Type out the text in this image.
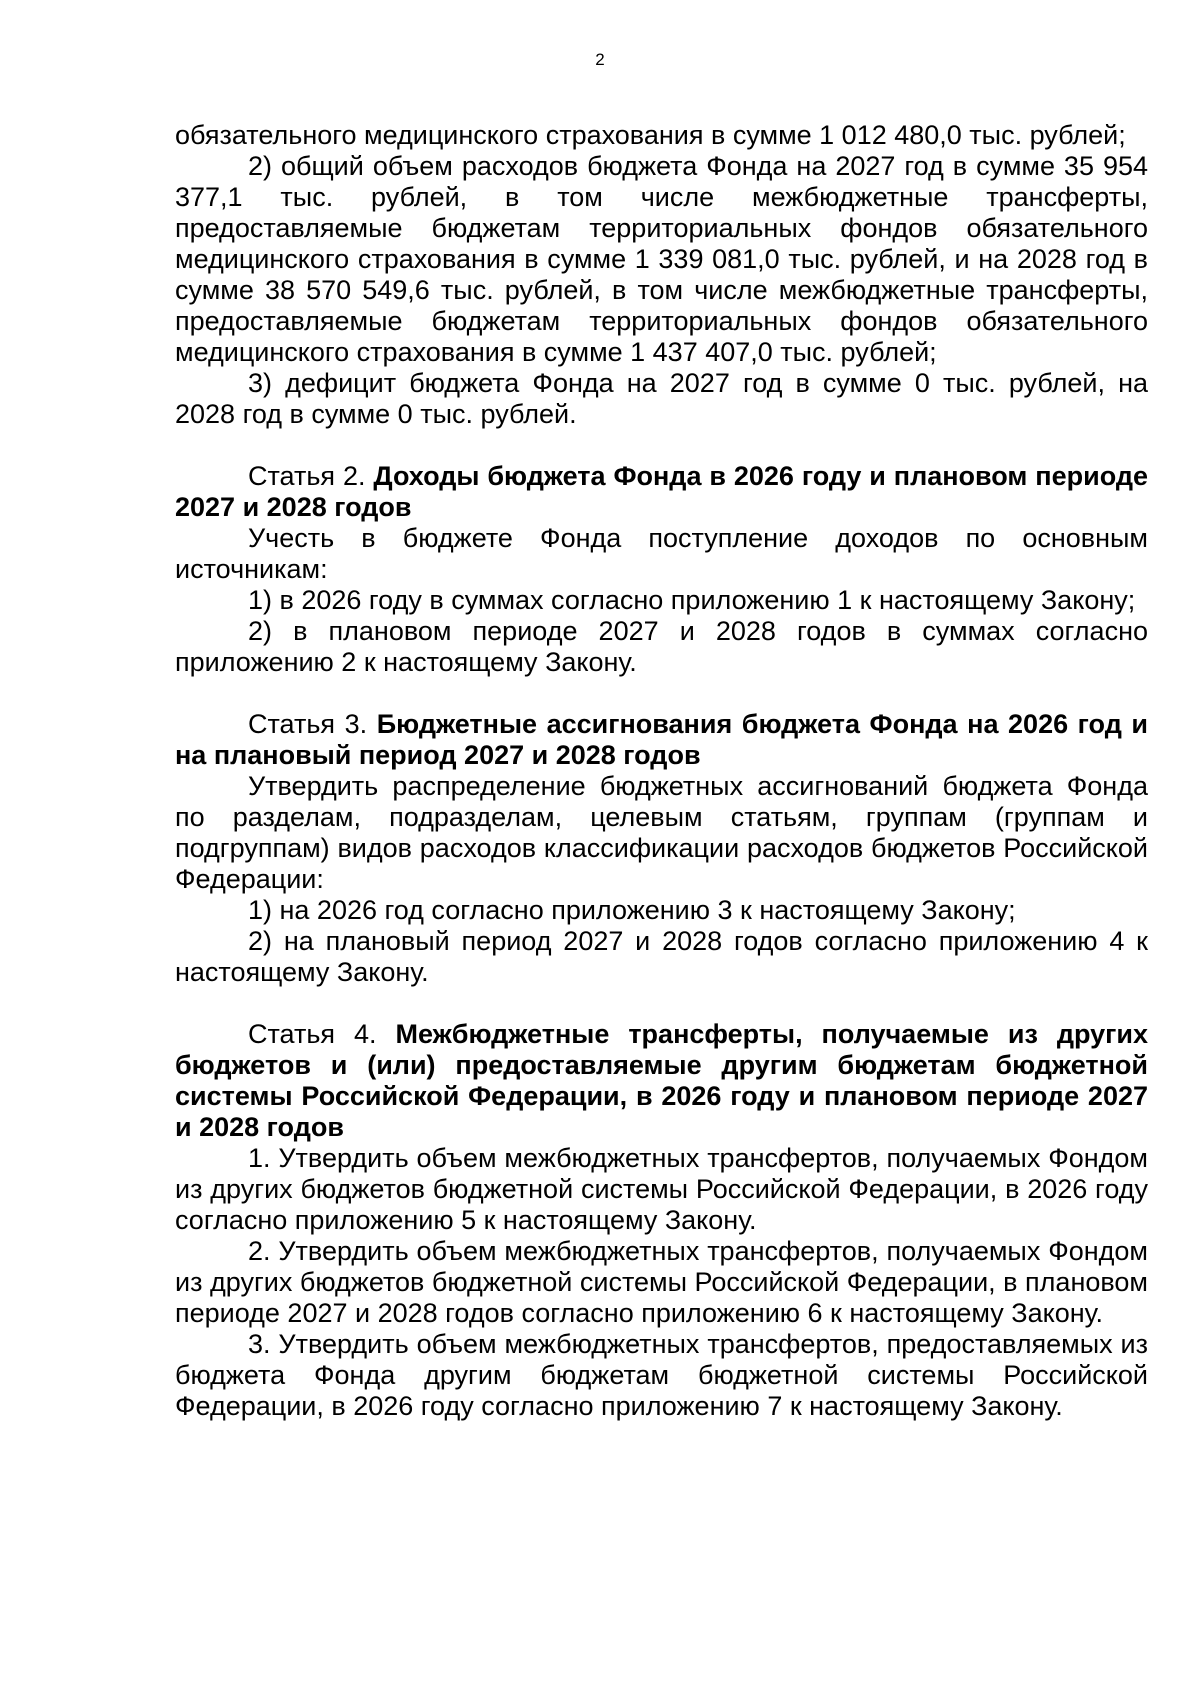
2

обязательного медицинского страхования в сумме 1 012 480,0 тыс. рублей;

2) общий объем расходов бюджета Фонда на 2027 год в сумме 35 954 377,1 тыс. рублей, в том числе межбюджетные трансферты, предоставляемые бюджетам территориальных фондов обязательного медицинского страхования в сумме 1 339 081,0 тыс. рублей, и на 2028 год в сумме 38 570 549,6 тыс. рублей, в том числе межбюджетные трансферты, предоставляемые бюджетам территориальных фондов обязательного медицинского страхования в сумме 1 437 407,0 тыс. рублей;

3) дефицит бюджета Фонда на 2027 год в сумме 0 тыс. рублей, на 2028 год в сумме 0 тыс. рублей.

Статья 2. Доходы бюджета Фонда в 2026 году и плановом периоде 2027 и 2028 годов

Учесть в бюджете Фонда поступление доходов по основным источникам:

1) в 2026 году в суммах согласно приложению 1 к настоящему Закону;

2) в плановом периоде 2027 и 2028 годов в суммах согласно приложению 2 к настоящему Закону.

Статья 3. Бюджетные ассигнования бюджета Фонда на 2026 год и на плановый период 2027 и 2028 годов

Утвердить распределение бюджетных ассигнований бюджета Фонда по разделам, подразделам, целевым статьям, группам (группам и подгруппам) видов расходов классификации расходов бюджетов Российской Федерации:

1) на 2026 год согласно приложению 3 к настоящему Закону;

2) на плановый период 2027 и 2028 годов согласно приложению 4 к настоящему Закону.

Статья 4. Межбюджетные трансферты, получаемые из других бюджетов и (или) предоставляемые другим бюджетам бюджетной системы Российской Федерации, в 2026 году и плановом периоде 2027 и 2028 годов

1. Утвердить объем межбюджетных трансфертов, получаемых Фондом из других бюджетов бюджетной системы Российской Федерации, в 2026 году согласно приложению 5 к настоящему Закону.

2. Утвердить объем межбюджетных трансфертов, получаемых Фондом из других бюджетов бюджетной системы Российской Федерации, в плановом периоде 2027 и 2028 годов согласно приложению 6 к настоящему Закону.

3. Утвердить объем межбюджетных трансфертов, предоставляемых из бюджета Фонда другим бюджетам бюджетной системы Российской Федерации, в 2026 году согласно приложению 7 к настоящему Закону.
